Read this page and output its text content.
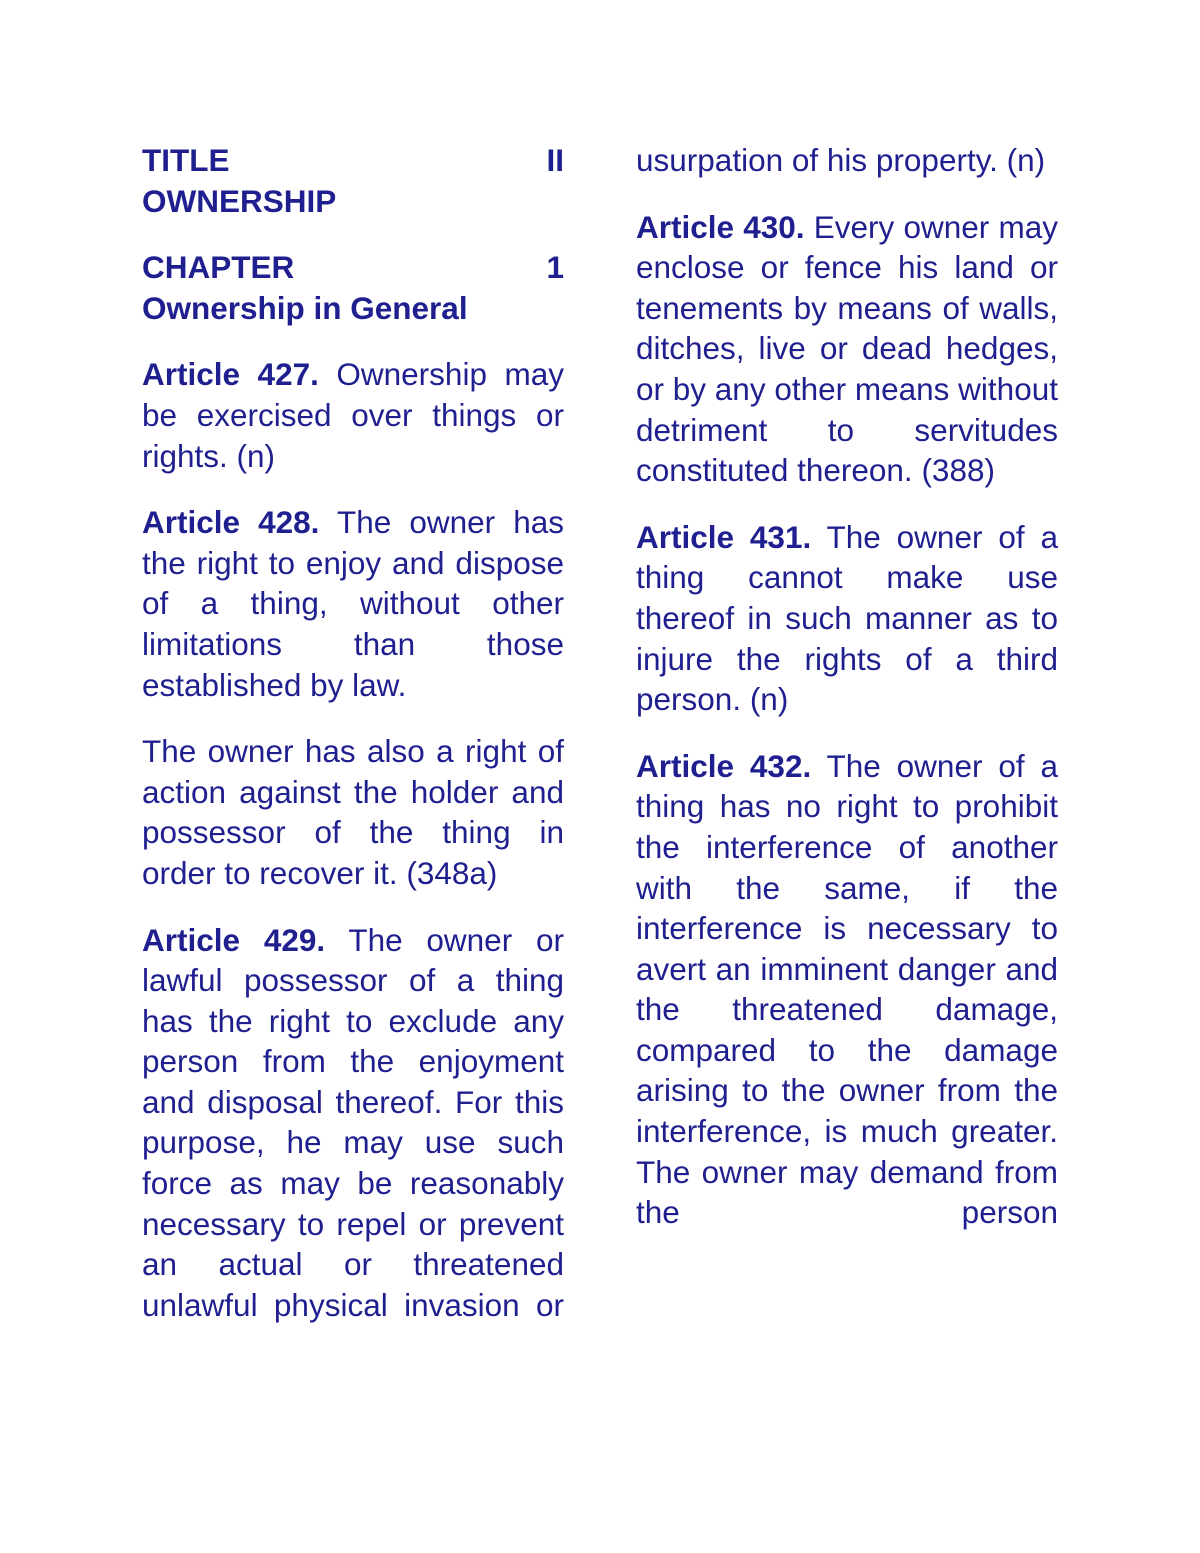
TITLE	II
OWNERSHIP
CHAPTER	1
Ownership in General

Article 427. Ownership may be exercised over things or rights. (n)

Article 428. The owner has the right to enjoy and dispose of a thing, without other limitations than those established by law.

The owner has also a right of action against the holder and possessor of the thing in order to recover it. (348a)

Article 429. The owner or lawful possessor of a thing has the right to exclude any person from the enjoyment and disposal thereof. For this purpose, he may use such force as may be reasonably necessary to repel or prevent an actual or threatened unlawful physical invasion or

usurpation of his property. (n)

Article 430. Every owner may enclose or fence his land or tenements by means of walls, ditches, live or dead hedges, or by any other means without detriment to servitudes constituted thereon. (388)

Article 431. The owner of a thing cannot make use thereof in such manner as to injure the rights of a third person. (n)

Article 432. The owner of a thing has no right to prohibit the interference of another with the same, if the interference is necessary to avert an imminent danger and the threatened damage, compared to the damage arising to the owner from the interference, is much greater. The owner may demand from the person
